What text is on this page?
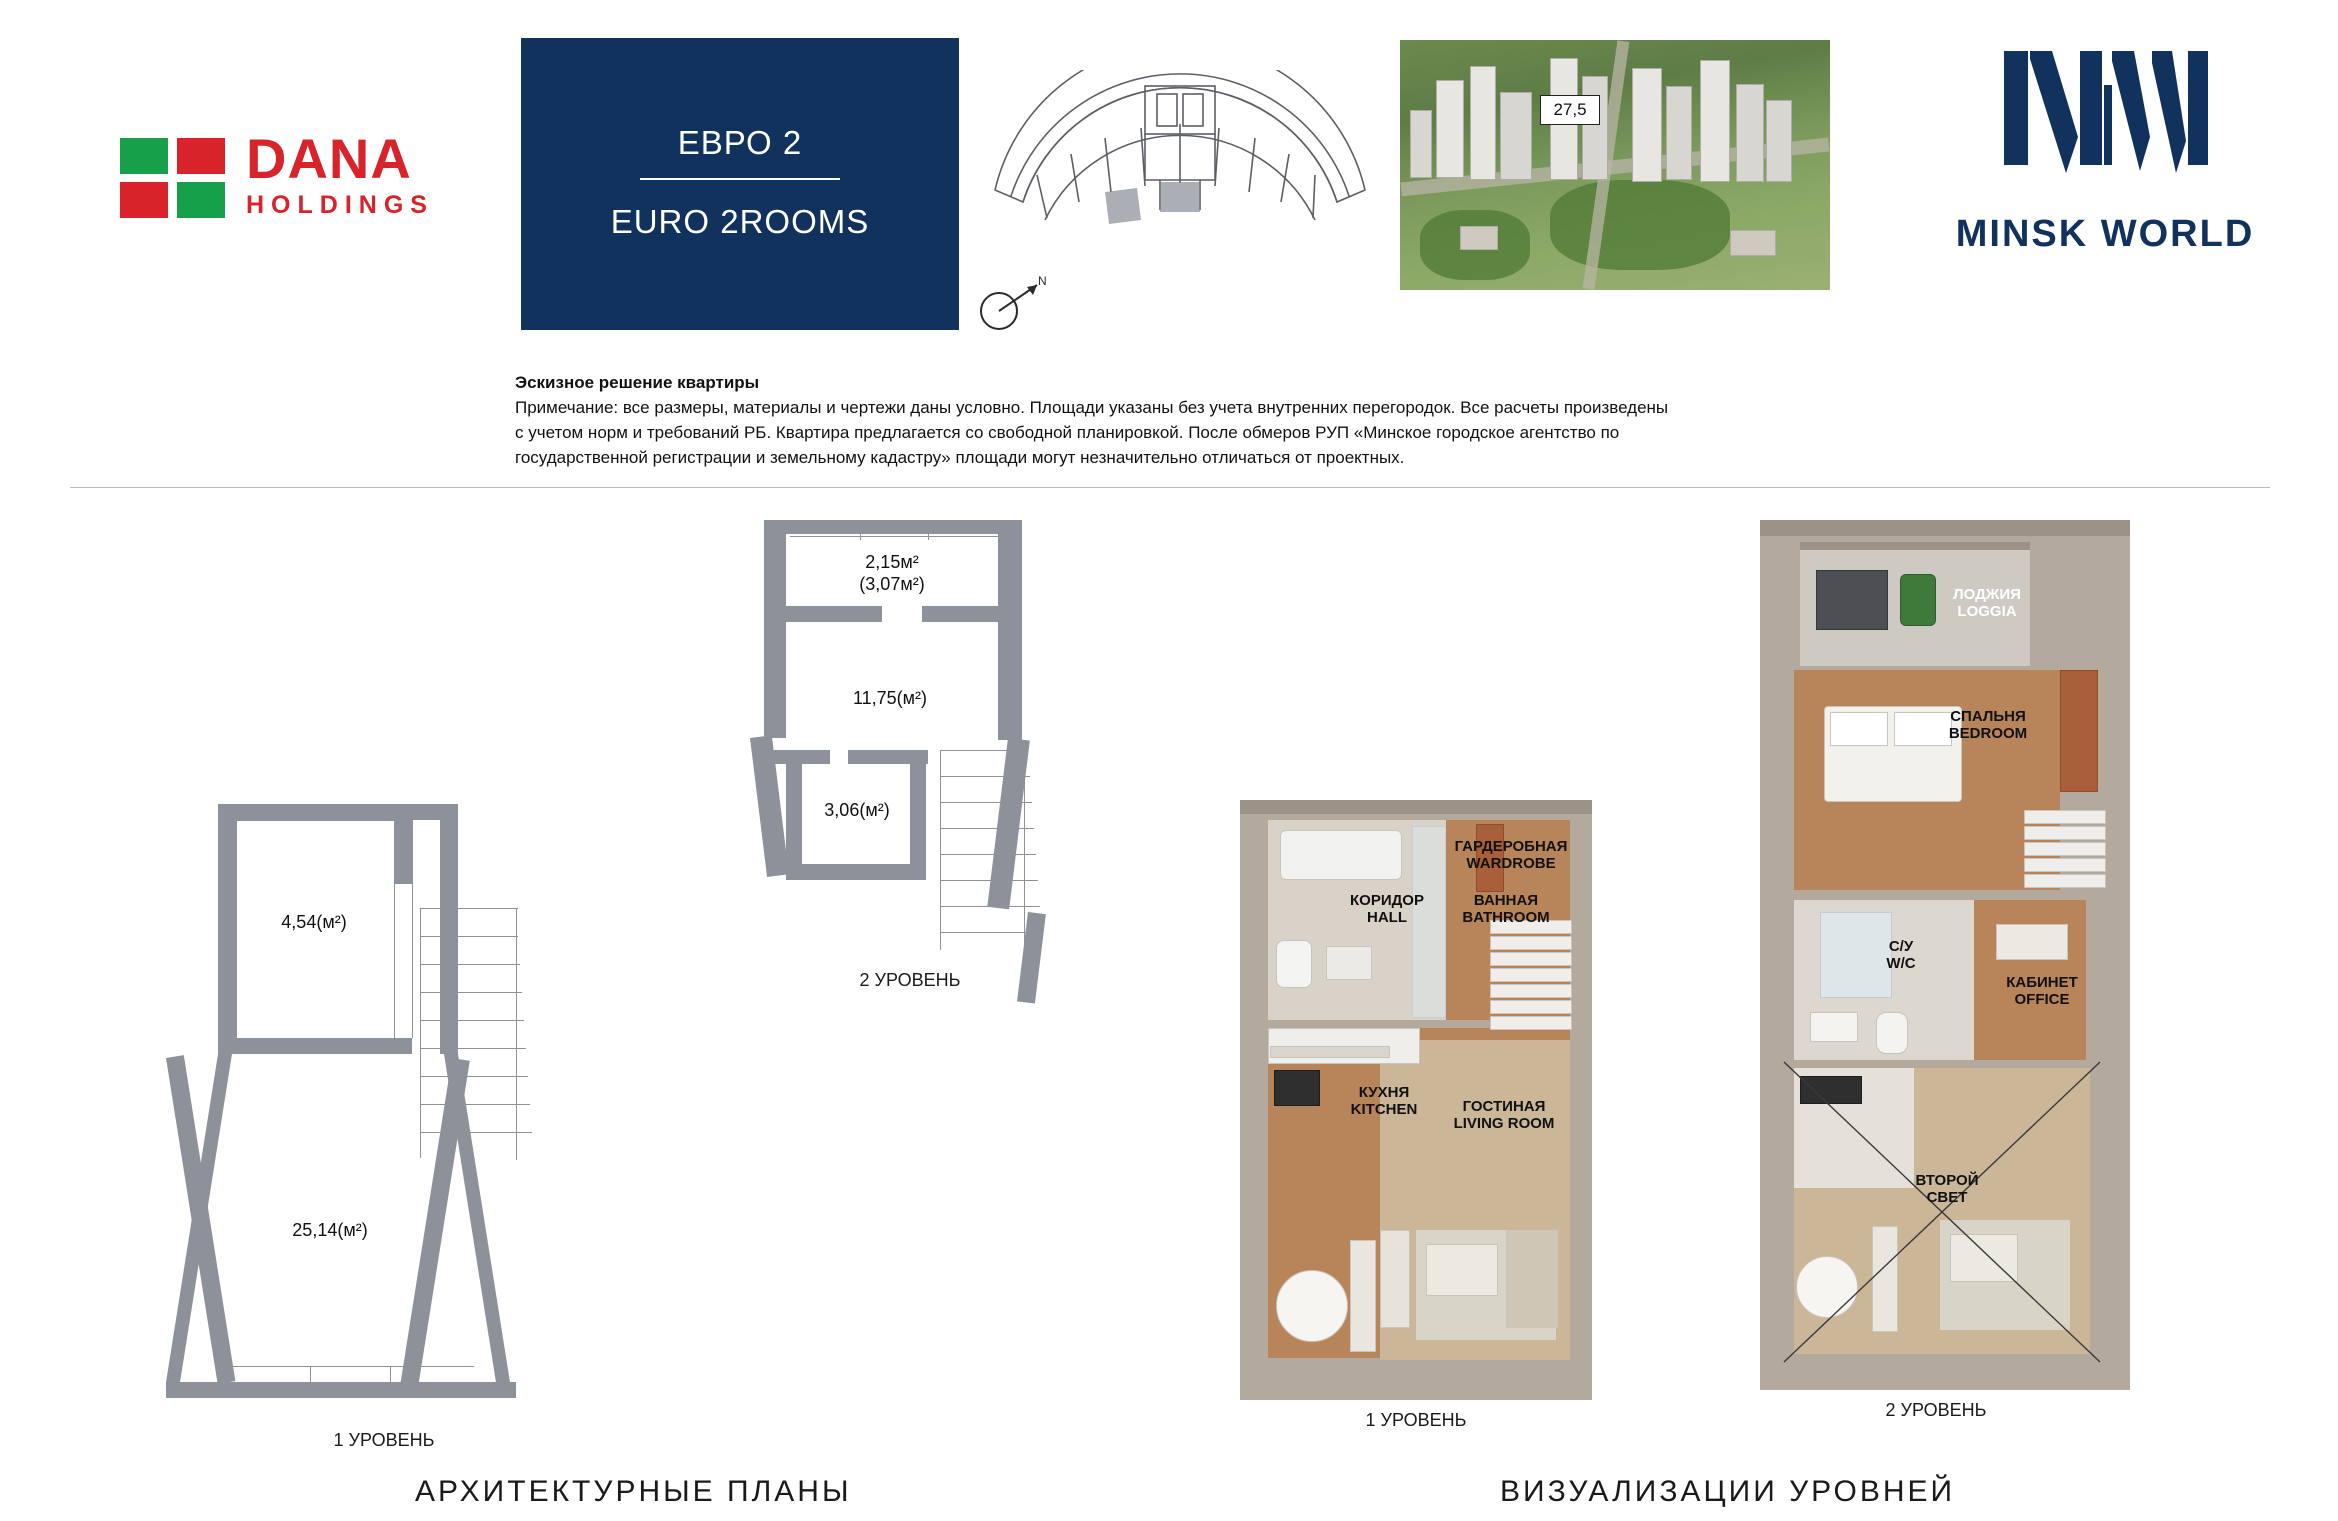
DANA
HOLDINGS
ЕВРО 2
EURO 2ROOMS
N
27,5
MINSK WORLD
Эскизное решение квартиры
Примечание: все размеры, материалы и чертежи даны условно. Площади указаны без учета внутренних перегородок. Все расчеты произведены
с учетом норм и требований РБ. Квартира предлагается со свободной планировкой. После обмеров РУП «Минское городское агентство по
государственной регистрации и земельному кадастру» площади могут незначительно отличаться от проектных.
4,54(м²)
25,14(м²)
1 УРОВЕНЬ
2,15м²
(3,07м²)
11,75(м²)
3,06(м²)
2 УРОВЕНЬ
ГАРДЕРОБНАЯ
WARDROBE
КОРИДОР
HALL
ВАННАЯ
BATHROOM
КУХНЯ
KITCHEN	ГОСТИНАЯ
LIVING ROOM
1 УРОВЕНЬ
ЛОДЖИЯ
LOGGIA
СПАЛЬНЯ
BEDROOM
С/У
W/C
КАБИНЕТ
OFFICE
ВТОРОЙ
СВЕТ
2 УРОВЕНЬ
АРХИТЕКТУРНЫЕ ПЛАНЫ	ВИЗУАЛИЗАЦИИ УРОВНЕЙ
